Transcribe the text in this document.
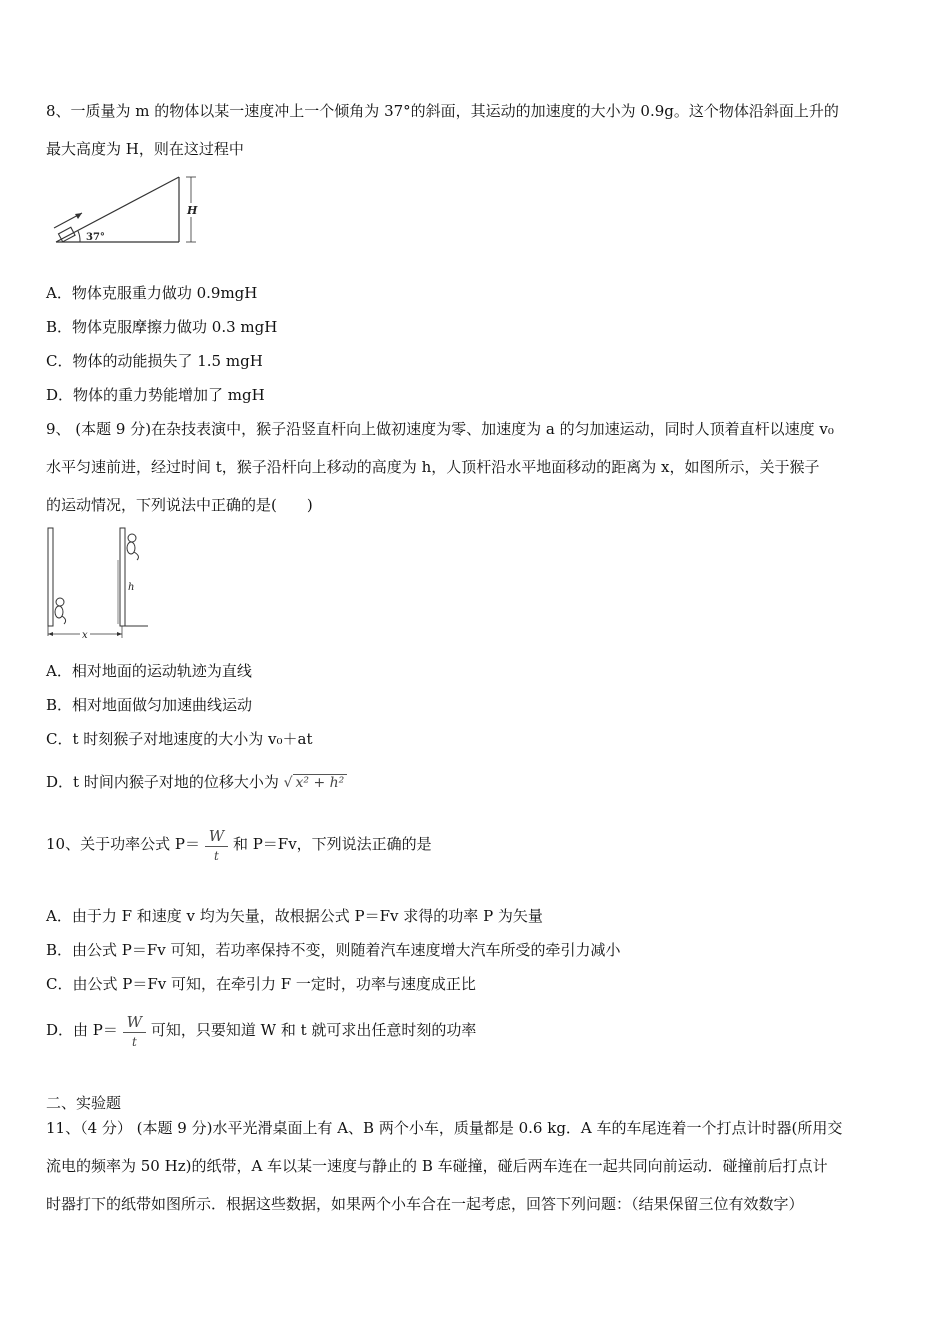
8、一质量为 m 的物体以某一速度冲上一个倾角为 37°的斜面，其运动的加速度的大小为 0.9g。这个物体沿斜面上升的
最大高度为 H，则在这过程中
37°
H
A．物体克服重力做功 0.9mgH
B．物体克服摩擦力做功 0.3 mgH
C．物体的动能损失了 1.5 mgH
D．物体的重力势能增加了 mgH
9、 (本题 9 分)在杂技表演中，猴子沿竖直杆向上做初速度为零、加速度为 a 的匀加速运动，同时人顶着直杆以速度 v₀
水平匀速前进，经过时间 t，猴子沿杆向上移动的高度为 h，人顶杆沿水平地面移动的距离为 x，如图所示，关于猴子
的运动情况，下列说法中正确的是(　　)
h
x
A．相对地面的运动轨迹为直线
B．相对地面做匀加速曲线运动
C．t 时刻猴子对地速度的大小为 v₀＋at
D．t 时间内猴子对地的位移大小为 √ x² + h²
10、关于功率公式 $P= \frac{W}{t}$ 和 P＝Fv，下列说法正确的是
A．由于力 F 和速度 v 均为矢量，故根据公式 P＝Fv 求得的功率 P 为矢量
B．由公式 P＝Fv 可知，若功率保持不变，则随着汽车速度增大汽车所受的牵引力减小
C．由公式 P＝Fv 可知，在牵引力 F 一定时，功率与速度成正比
D．由 $P= \frac{W}{t}$ 可知，只要知道 W 和 t 就可求出任意时刻的功率
二、实验题
11、（4 分） (本题 9 分)水平光滑桌面上有 A、B 两个小车，质量都是 0.6 kg．A 车的车尾连着一个打点计时器(所用交
流电的频率为 50 Hz)的纸带，A 车以某一速度与静止的 B 车碰撞，碰后两车连在一起共同向前运动．碰撞前后打点计
时器打下的纸带如图所示．根据这些数据，如果两个小车合在一起考虑，回答下列问题：（结果保留三位有效数字）
